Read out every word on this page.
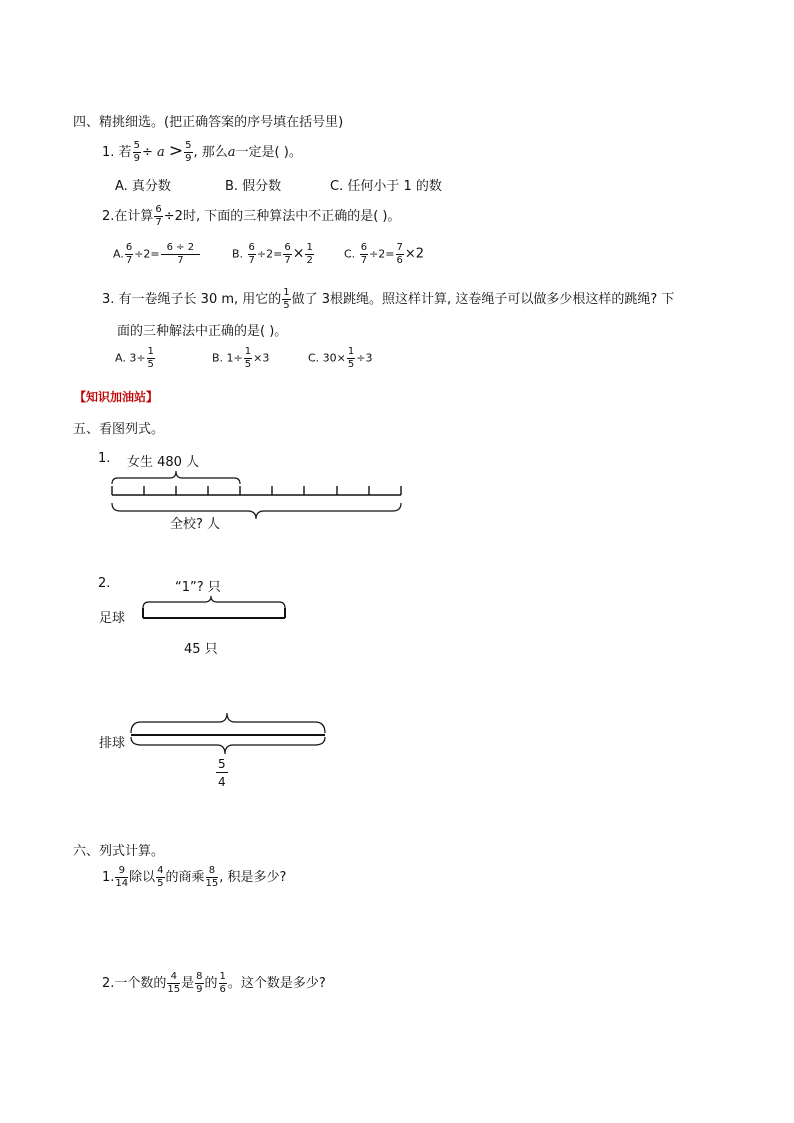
四、精挑细选。(把正确答案的序号填在括号里)
1. 若 $\frac{5}{9} \div a > \frac{5}{9}$ , 那么a一定是( )。
A. 真分数	B. 假分数	C. 任何小于 1 的数
2.在计算 $\frac{6}{7} \div 2$时, 下面的三种算法中不正确的是( )。
A. $\frac{6}{7} \div 2= \frac{6 \div 2}{7}$	B. $\frac{6}{7} \div 2= \frac{6}{7} \times \frac{1}{2}$	C. $\frac{6}{7} \div 2= \frac{7}{6} \times 2$
3. 有一卷绳子长 30 m, 用它的 $\frac{1}{5}$ 做了 3根跳绳。照这样计算, 这卷绳子可以做多少根这样的跳绳? 下
面的三种解法中正确的是( )。
A. $3\div \frac{1}{5}$	B. $1\div \frac{1}{5} \times 3$	C. $30\times \frac{1}{5} \div 3$
【知识加油站】
五、看图列式。
1. 女生 480 人
全校? 人
2.	“1”? 只
足球
45 只
排球
$\frac{5}{4}$
六、列式计算。
1. $\frac{9}{14}$ 除以 $\frac{4}{5}$ 的商乘 $\frac{8}{15}$ , 积是多少?
2.一个数的 $\frac{4}{15}$ 是 $\frac{8}{9}$ 的 $\frac{1}{6}$ 。这个数是多少?
